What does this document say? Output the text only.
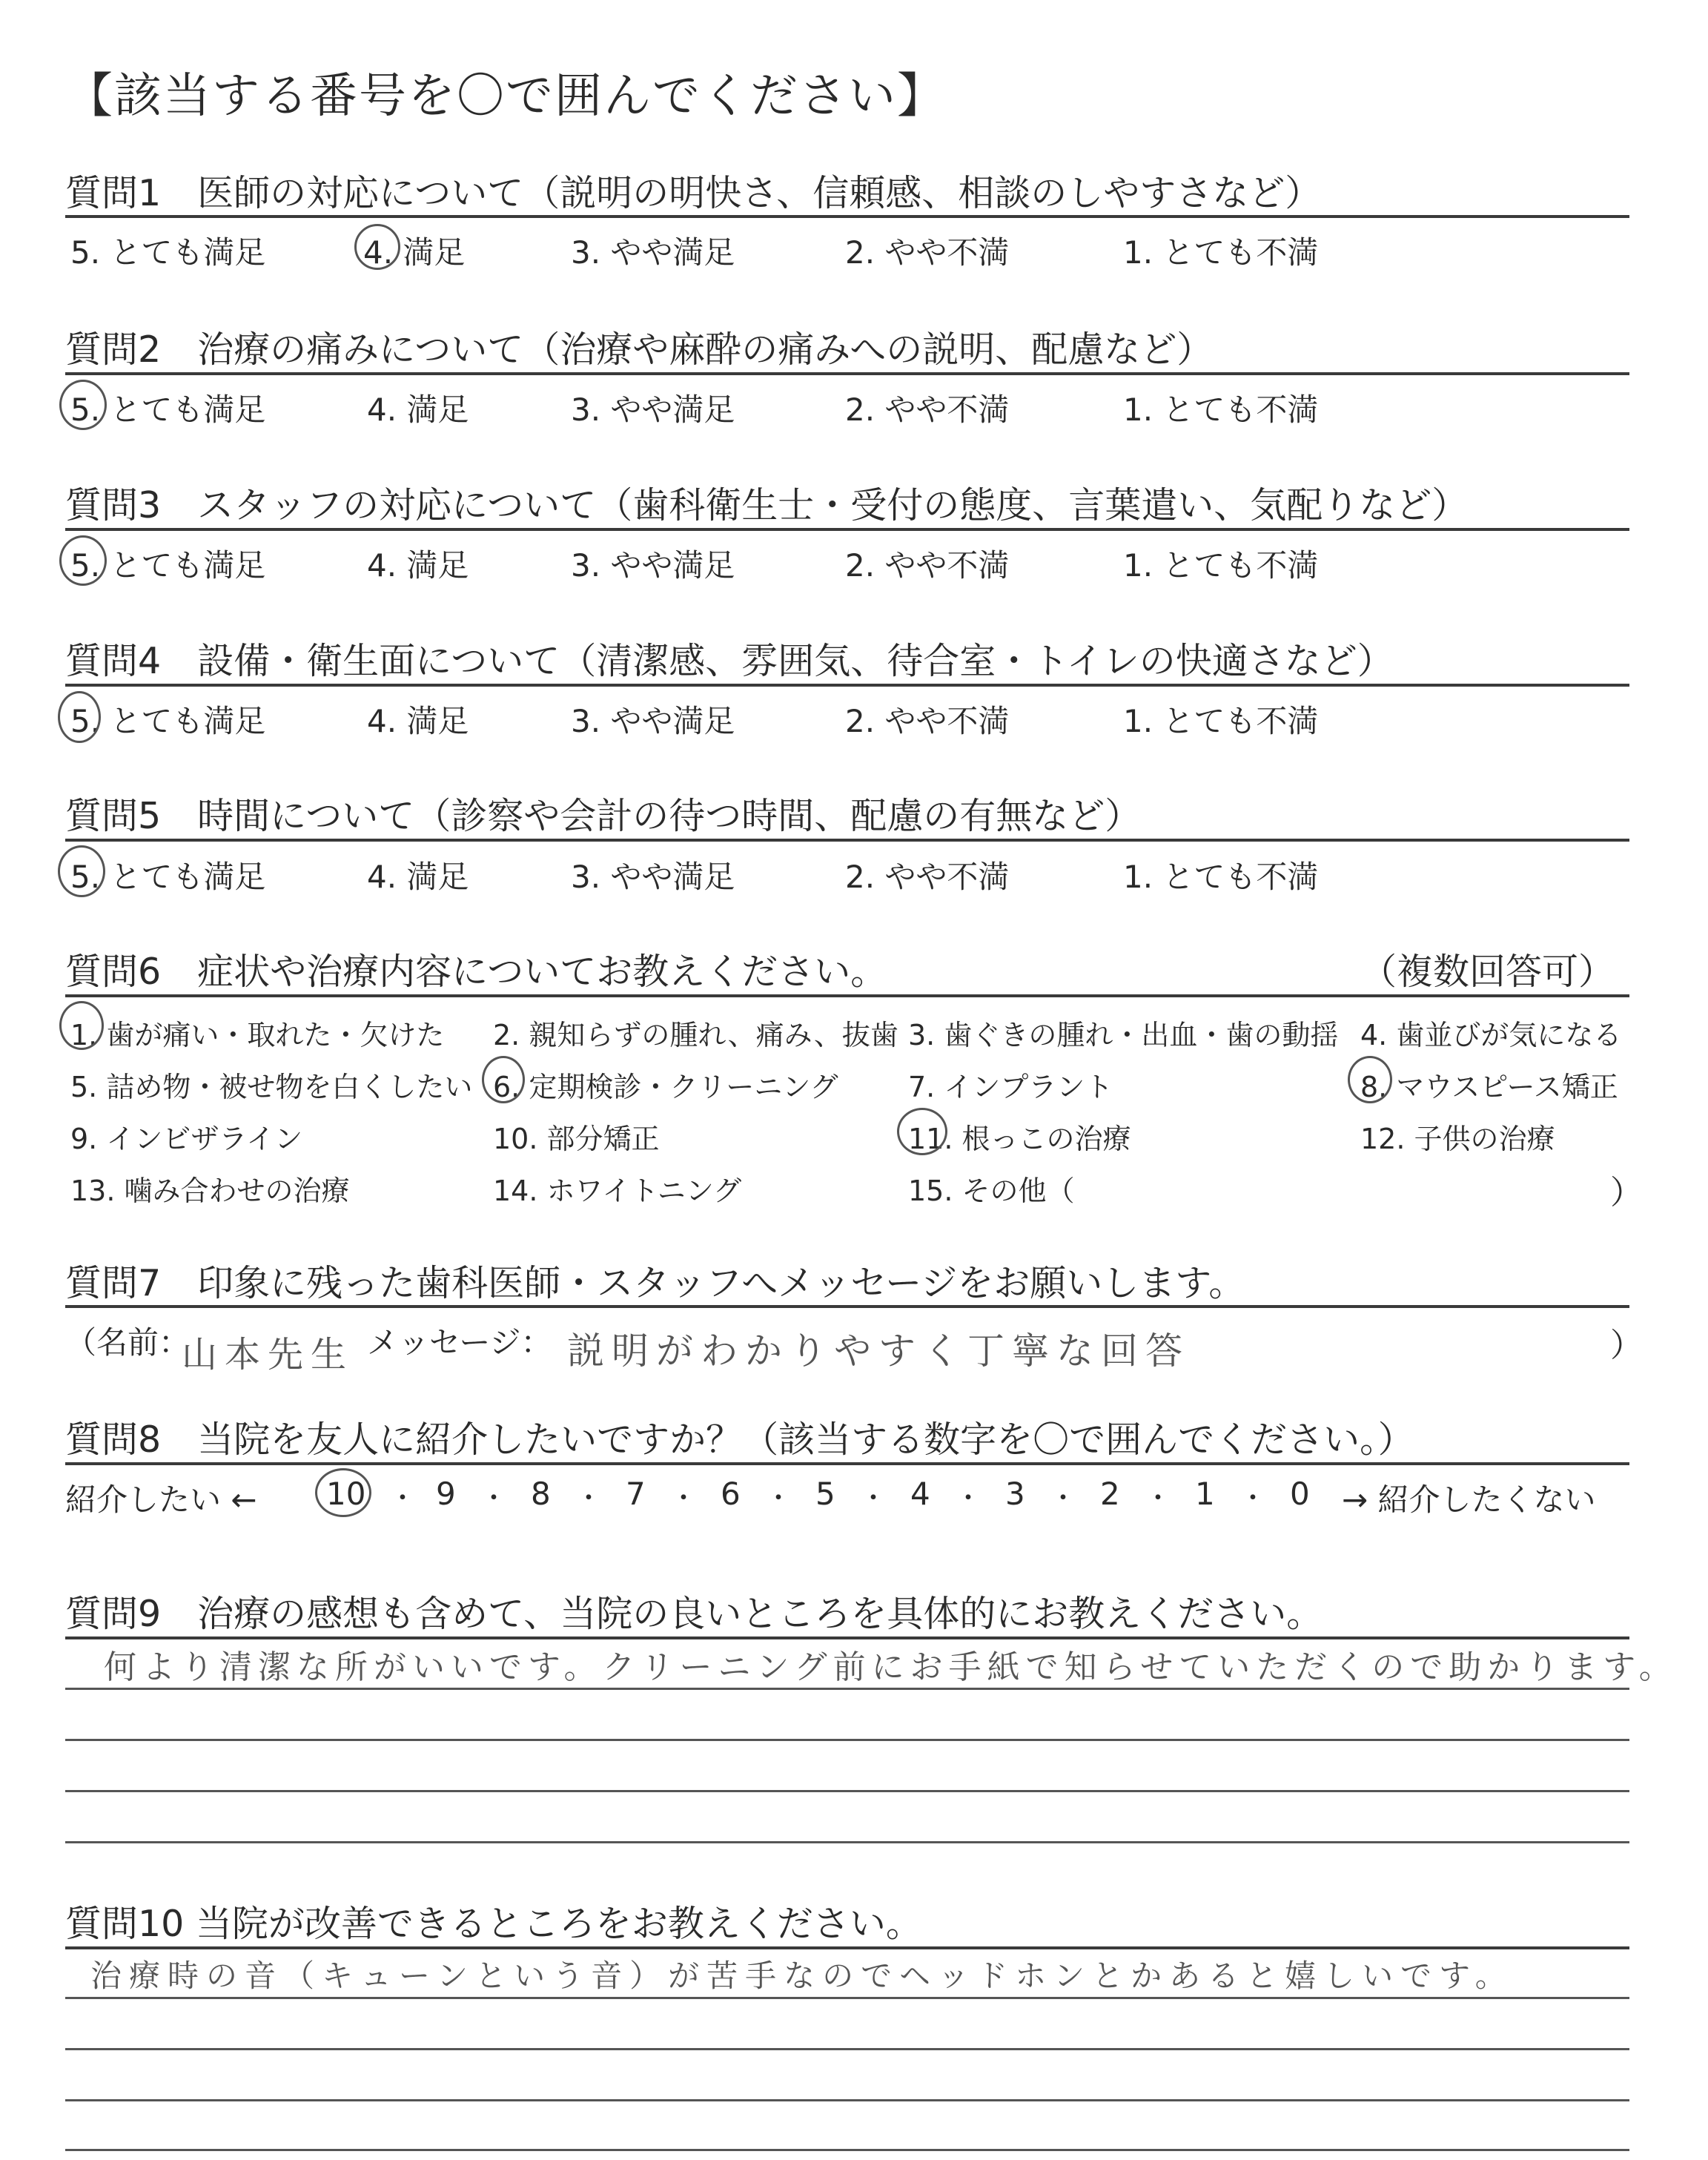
【該当する番号を〇で囲んでください】
質問1　医師の対応について（説明の明快さ、信頼感、相談のしやすさなど）
5. とても満足	4. 満足	3. やや満足	2. やや不満	1. とても不満
質問2　治療の痛みについて（治療や麻酔の痛みへの説明、配慮など）
5. とても満足	4. 満足	3. やや満足	2. やや不満	1. とても不満
質問3　スタッフの対応について（歯科衛生士・受付の態度、言葉遣い、気配りなど）
5. とても満足	4. 満足	3. やや満足	2. やや不満	1. とても不満
質問4　設備・衛生面について（清潔感、雰囲気、待合室・トイレの快適さなど）
5. とても満足	4. 満足	3. やや満足	2. やや不満	1. とても不満
質問5　時間について（診察や会計の待つ時間、配慮の有無など）
5. とても満足	4. 満足	3. やや満足	2. やや不満	1. とても不満
質問6　症状や治療内容についてお教えください。	（複数回答可）
1. 歯が痛い・取れた・欠けた 2. 親知らずの腫れ、痛み、抜歯 3. 歯ぐきの腫れ・出血・歯の動揺 4. 歯並びが気になる
5. 詰め物・被せ物を白くしたい 6. 定期検診・クリーニング 7. インプラント	8. マウスピース矯正
9. インビザライン	10. 部分矯正	11. 根っこの治療	12. 子供の治療
13. 噛み合わせの治療	14. ホワイトニング	15. その他（	）
質問7　印象に残った歯科医師・スタッフへメッセージをお願いします。
（名前：
山本先生 メッセージ： 説明がわかりやすく丁寧な回答	）
質問8　当院を友人に紹介したいですか？（該当する数字を〇で囲んでください。）
紹介したい ← 10 ・ 9 ・ 8 ・ 7 ・ 6 ・ 5 ・ 4 ・ 3 ・ 2 ・ 1 ・ 0 → 紹介したくない
質問9　治療の感想も含めて、当院の良いところを具体的にお教えください。
何より清潔な所がいいです。クリーニング前にお手紙で知らせていただくので助かります。
質問10 当院が改善できるところをお教えください。
治療時の音（キューンという音）が苦手なのでヘッドホンとかあると嬉しいです。
